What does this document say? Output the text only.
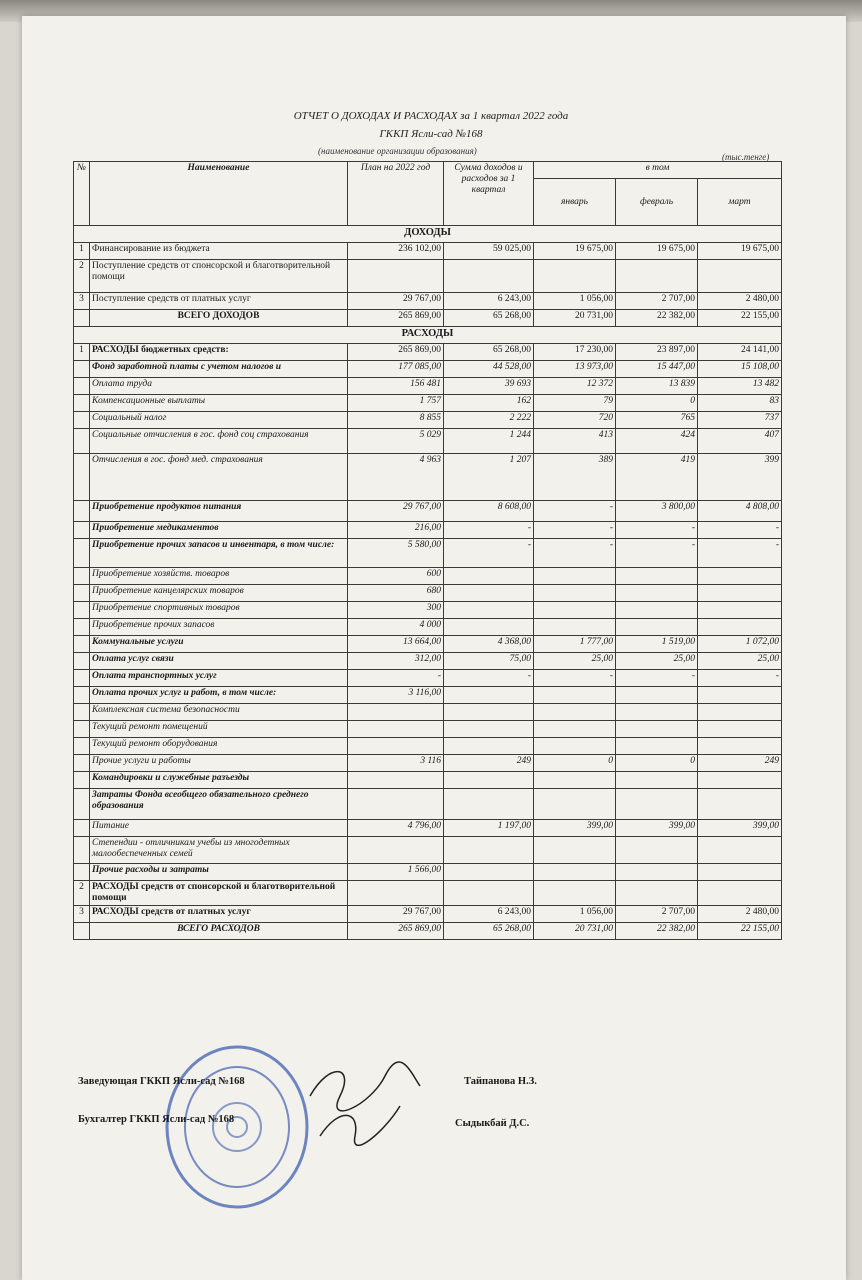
ОТЧЕТ О ДОХОДАХ И РАСХОДАХ за 1 квартал 2022 года
ГККП Ясли-сад №168
(наименование организации образования)
(тыс.тенге)
№	Наименование	План на 2022 год	Сумма доходов и расходов за 1 квартал	в том		
				январь	февраль	март
ДОХОДЫ						
1	Финансирование из бюджета	236 102,00	59 025,00	19 675,00	19 675,00	19 675,00
2	Поступление средств от спонсорской и благотворительной помощи					
3	Поступление средств от платных услуг	29 767,00	6 243,00	1 056,00	2 707,00	2 480,00
	ВСЕГО ДОХОДОВ	265 869,00	65 268,00	20 731,00	22 382,00	22 155,00
РАСХОДЫ						
1	РАСХОДЫ бюджетных средств:	265 869,00	65 268,00	17 230,00	23 897,00	24 141,00
	Фонд заработной платы с учетом налогов и	177 085,00	44 528,00	13 973,00	15 447,00	15 108,00
	Оплата труда	156 481	39 693	12 372	13 839	13 482
	Компенсационные выплаты	1 757	162	79	0	83
	Социальный налог	8 855	2 222	720	765	737
	Социальные отчисления в гос. фонд соц страхования	5 029	1 244	413	424	407
	Отчисления в гос. фонд мед. страхования	4 963	1 207	389	419	399
	Приобретение продуктов питания	29 767,00	8 608,00	-	3 800,00	4 808,00
	Приобретение медикаментов	216,00	-	-	-	-
	Приобретение прочих запасов и инвентаря, в том числе:	5 580,00	-	-	-	-
	Приобретение хозяйств. товаров	600				
	Приобретение канцелярских товаров	680				
	Приобретение спортивных товаров	300				
	Приобретение прочих запасов	4 000				
	Коммунальные услуги	13 664,00	4 368,00	1 777,00	1 519,00	1 072,00
	Оплата услуг связи	312,00	75,00	25,00	25,00	25,00
	Оплата транспортных услуг	-	-	-	-	-
	Оплата прочих услуг и работ, в том числе:	3 116,00				
	Комплексная система безопасности					
	Текущий ремонт помещений					
	Текущий ремонт оборудования					
	Прочие услуги и работы	3 116	249	0	0	249
	Командировки и служебные разъезды					
	Затраты Фонда всеобщего обязательного среднего образования					
	Питание	4 796,00	1 197,00	399,00	399,00	399,00
	Степендии - отличникам учебы из многодетных малообеспеченных семей					
	Прочие расходы и затраты	1 566,00				
2	РАСХОДЫ средств от спонсорской и благотворительной помощи					
3	РАСХОДЫ средств от платных услуг	29 767,00	6 243,00	1 056,00	2 707,00	2 480,00
	ВСЕГО РАСХОДОВ	265 869,00	65 268,00	20 731,00	22 382,00	22 155,00
Заведующая ГККП Ясли-сад №168	Тайпанова Н.З.
Бухгалтер ГККП Ясли-сад №168	Сыдыкбай Д.С.
